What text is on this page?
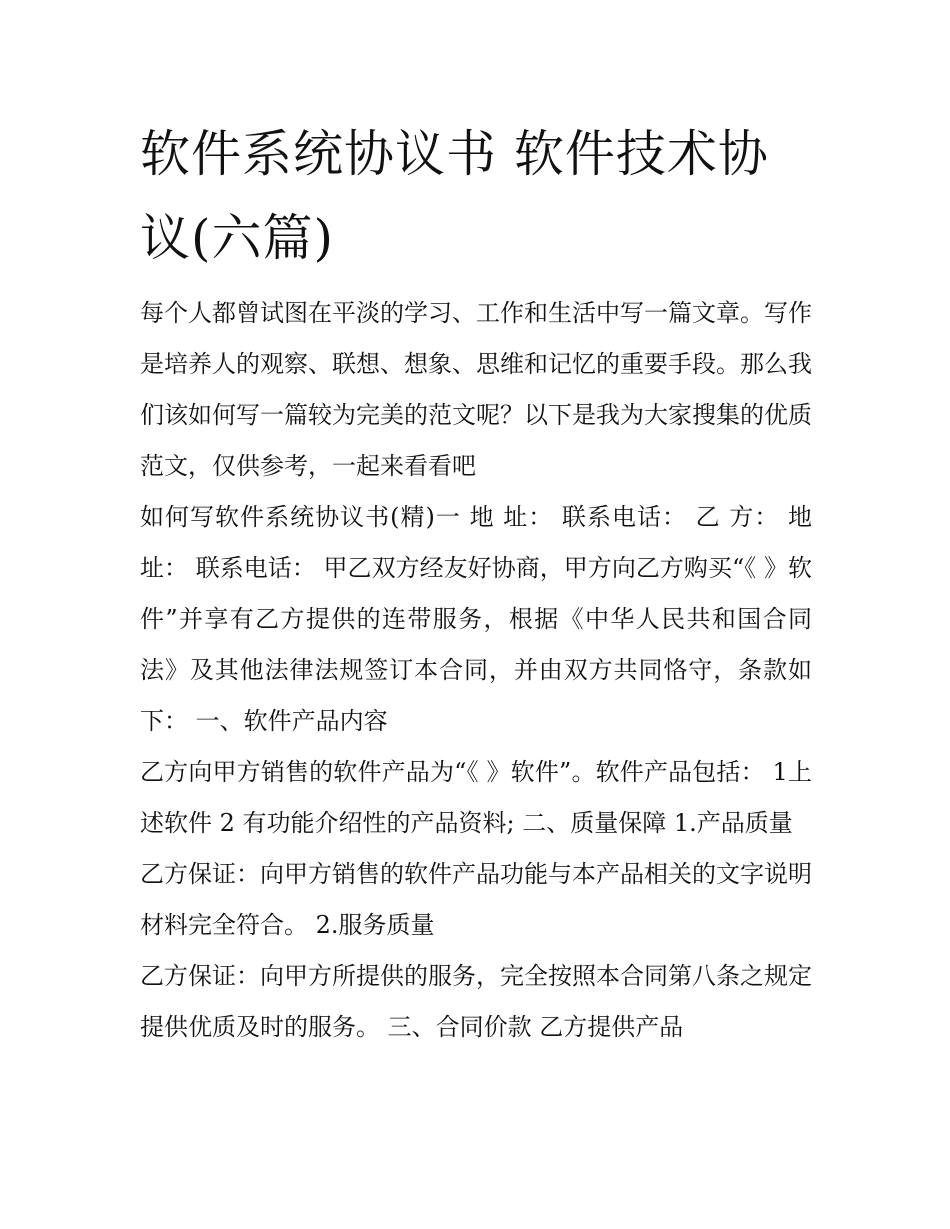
软件系统协议书 软件技术协议(六篇)

每个人都曾试图在平淡的学习、工作和生活中写一篇文章。写作是培养人的观察、联想、想象、思维和记忆的重要手段。那么我们该如何写一篇较为完美的范文呢？以下是我为大家搜集的优质范文，仅供参考，一起来看看吧

如何写软件系统协议书(精)一 地 址： 联系电话： 乙 方： 地址： 联系电话： 甲乙双方经友好协商，甲方向乙方购买“《 》软件”并享有乙方提供的连带服务，根据《中华人民共和国合同法》及其他法律法规签订本合同，并由双方共同恪守，条款如下： 一、软件产品内容

乙方向甲方销售的软件产品为“《 》软件”。软件产品包括： 1上述软件 2 有功能介绍性的产品资料; 二、质量保障 1.产品质量

乙方保证：向甲方销售的软件产品功能与本产品相关的文字说明材料完全符合。 2.服务质量

乙方保证：向甲方所提供的服务，完全按照本合同第八条之规定提供优质及时的服务。 三、合同价款 乙方提供产品
